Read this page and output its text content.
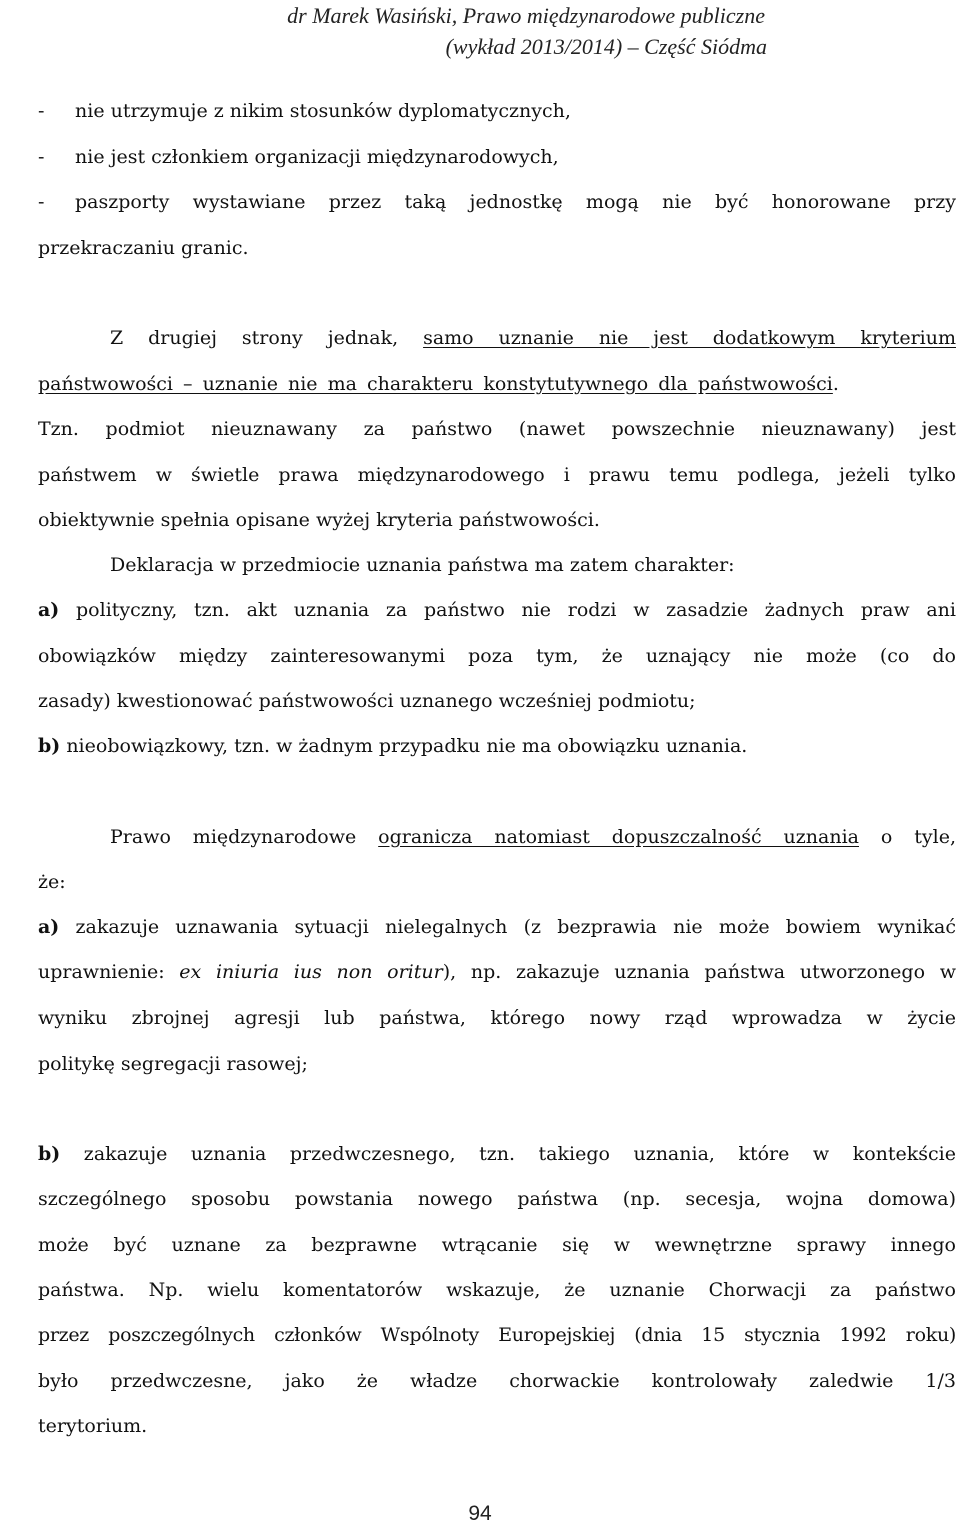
dr Marek Wasiński, Prawo międzynarodowe publiczne

(wykład 2013/2014) – Część Siódma
- nie utrzymuje z nikim stosunków dyplomatycznych,
- nie jest członkiem organizacji międzynarodowych,
- paszporty wystawiane przez taką jednostkę mogą nie być honorowane przy
przekraczaniu granic.
Z drugiej strony jednak, samo uznanie nie jest dodatkowym kryterium
państwowości – uznanie nie ma charakteru konstytutywnego dla państwowości.
Tzn. podmiot nieuznawany za państwo (nawet powszechnie nieuznawany) jest
państwem w świetle prawa międzynarodowego i prawu temu podlega, jeżeli tylko
obiektywnie spełnia opisane wyżej kryteria państwowości.
Deklaracja w przedmiocie uznania państwa ma zatem charakter:
a) polityczny, tzn. akt uznania za państwo nie rodzi w zasadzie żadnych praw ani
obowiązków między zainteresowanymi poza tym, że uznający nie może (co do
zasady) kwestionować państwowości uznanego wcześniej podmiotu;
b) nieobowiązkowy, tzn. w żadnym przypadku nie ma obowiązku uznania.
Prawo międzynarodowe ogranicza natomiast dopuszczalność uznania o tyle,
że:
a) zakazuje uznawania sytuacji nielegalnych (z bezprawia nie może bowiem wynikać
uprawnienie: ex iniuria ius non oritur), np. zakazuje uznania państwa utworzonego w
wyniku zbrojnej agresji lub państwa, którego nowy rząd wprowadza w życie
politykę segregacji rasowej;
b) zakazuje uznania przedwczesnego, tzn. takiego uznania, które w kontekście
szczególnego sposobu powstania nowego państwa (np. secesja, wojna domowa)
może być uznane za bezprawne wtrącanie się w wewnętrzne sprawy innego
państwa. Np. wielu komentatorów wskazuje, że uznanie Chorwacji za państwo
przez poszczególnych członków Wspólnoty Europejskiej (dnia 15 stycznia 1992 roku)
było przedwczesne, jako że władze chorwackie kontrolowały zaledwie 1/3
terytorium.
94
